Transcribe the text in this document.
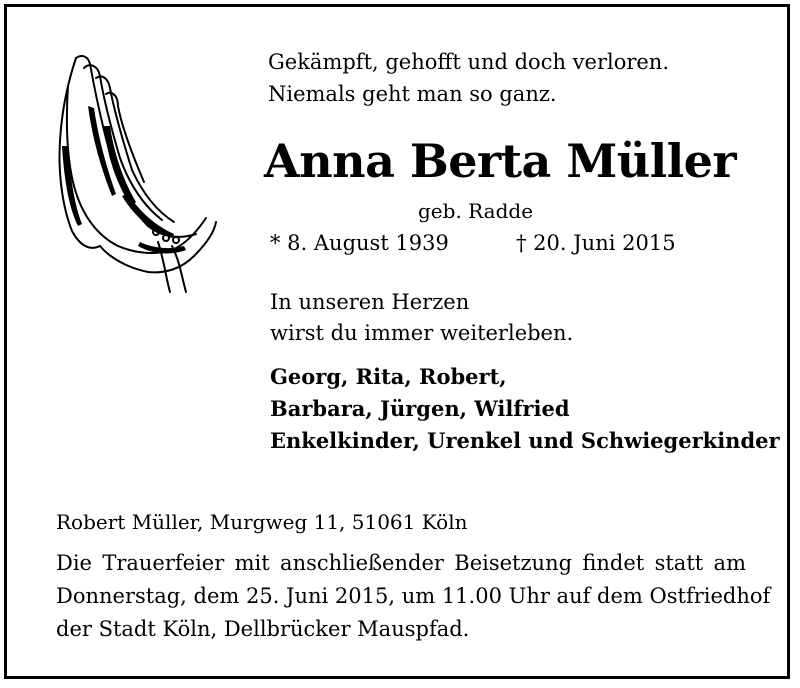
Gekämpft, gehofft und doch verloren.
Niemals geht man so ganz.
Anna Berta Müller
geb. Radde
* 8. August 1939	† 20. Juni 2015
In unseren Herzen
wirst du immer weiterleben.
Georg, Rita, Robert,
Barbara, Jürgen, Wilfried
Enkelkinder, Urenkel und Schwiegerkinder
Robert Müller, Murgweg 11, 51061 Köln
Die Trauerfeier mit anschließender Beisetzung findet statt am
Donnerstag, dem 25. Juni 2015, um 11.00 Uhr auf dem Ostfriedhof
der Stadt Köln, Dellbrücker Mauspfad.
